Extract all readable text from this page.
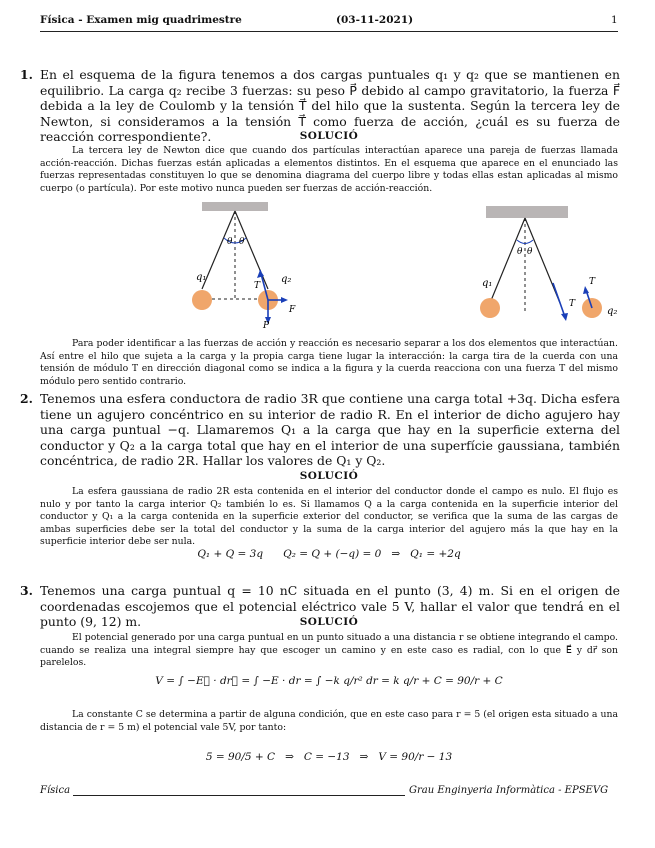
Física - Examen mig quadrimestre	(03-11-2021)	1
1. En el esquema de la figura tenemos a dos cargas puntuales q₁ y q₂ que se mantienen en equilibrio. La carga q₂ recibe 3 fuerzas: su peso P⃗ debido al campo gravitatorio, la fuerza F⃗ debida a la ley de Coulomb y la tensión T⃗ del hilo que la sustenta. Según la tercera ley de Newton, si consideramos a la tensión T⃗ como fuerza de acción, ¿cuál es su fuerza de reacción correspondiente?.	SOLUCIÓ
La tercera ley de Newton dice que cuando dos partículas interactúan aparece una pareja de fuerzas llamada acción-reacción. Dichas fuerzas están aplicadas a elementos distintos. En el esquema que aparece en el enunciado las fuerzas representadas constituyen lo que se denomina diagrama del cuerpo libre y todas ellas estan aplicadas al mismo cuerpo (o partícula). Por este motivo nunca pueden ser fuerzas de acción-reacción.
θ θ
q₁	q₂
T
P
F
θ θ
q₁
q₂
T
T
Para poder identificar a las fuerzas de acción y reacción es necesario separar a los dos elementos que interactúan. Así entre el hilo que sujeta a la carga y la propia carga tiene lugar la interacción: la carga tira de la cuerda con una tensión de módulo T en dirección diagonal como se indica a la figura y la cuerda reacciona con una fuerza T del mismo módulo pero sentido contrario.
2. Tenemos una esfera conductora de radio 3R que contiene una carga total +3q. Dicha esfera tiene un agujero concéntrico en su interior de radio R. En el interior de dicho agujero hay una carga puntual −q. Llamaremos Q₁ a la carga que hay en la superficie externa del conductor y Q₂ a la carga total que hay en el interior de una superfície gaussiana, también concéntrica, de radio 2R. Hallar los valores de Q₁ y Q₂.
SOLUCIÓ
La esfera gaussiana de radio 2R esta contenida en el interior del conductor donde el campo es nulo. El flujo es nulo y por tanto la carga interior Q₂ también lo es. Si llamamos Q a la carga contenida en la superficie interior del conductor y Q₁ a la carga contenida en la superficie exterior del conductor, se verifica que la suma de las cargas de ambas superficies debe ser la total del conductor y la suma de la carga interior del agujero más la que hay en la superficie interior debe ser nula.
Q₁ + Q = 3q      Q₂ = Q + (−q) = 0   ⇒   Q₁ = +2q
3. Tenemos una carga puntual q = 10 nC situada en el punto (3, 4) m. Si en el origen de coordenadas escojemos que el potencial eléctrico vale 5 V, hallar el valor que tendrá en el punto (9, 12) m.	SOLUCIÓ
El potencial generado por una carga puntual en un punto situado a una distancia r se obtiene integrando el campo. cuando se realiza una integral siempre hay que escoger un camino y en este caso es radial, con lo que E⃗ y dr⃗ son parelelos.
V = ∫ −E⃗ · dr⃗ = ∫ −E · dr = ∫ −k q/r² dr = k q/r + C = 90/r + C
La constante C se determina a partir de alguna condición, que en este caso para r = 5 (el origen esta situado a una distancia de r = 5 m) el potencial vale 5V, por tanto:
5 = 90/5 + C   ⇒   C = −13   ⇒   V = 90/r − 13
Física	Grau Enginyeria Informàtica - EPSEVG
